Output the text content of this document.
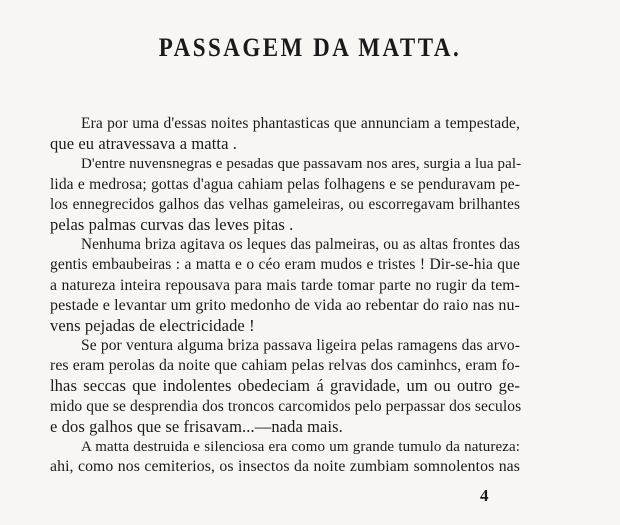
PASSAGEM DA MATTA.
Era por uma d'essas noites phantasticas que annunciam a tempestade,
que eu atravessava a matta .
D'entre nuvensnegras e pesadas que passavam nos ares, surgia a lua pal-
lida e medrosa; gottas d'agua cahiam pelas folhagens e se penduravam pe-
los ennegrecidos galhos das velhas gameleiras, ou escorregavam brilhantes
pelas palmas curvas das leves pitas .
Nenhuma briza agitava os leques das palmeiras, ou as altas frontes das
gentis embaubeiras : a matta e o céo eram mudos e tristes ! Dir-se-hia que
a natureza inteira repousava para mais tarde tomar parte no rugir da tem-
pestade e levantar um grito medonho de vida ao rebentar do raio nas nu-
vens pejadas de electricidade !
Se por ventura alguma briza passava ligeira pelas ramagens das arvo-
res eram perolas da noite que cahiam pelas relvas dos caminhcs, eram fo-
lhas seccas que indolentes obedeciam á gravidade, um ou outro ge-
mido que se desprendia dos troncos carcomidos pelo perpassar dos seculos
e dos galhos que se frisavam...—nada mais.
A matta destruida e silenciosa era como um grande tumulo da natureza:
ahi, como nos cemiterios, os insectos da noite zumbiam somnolentos nas

4
